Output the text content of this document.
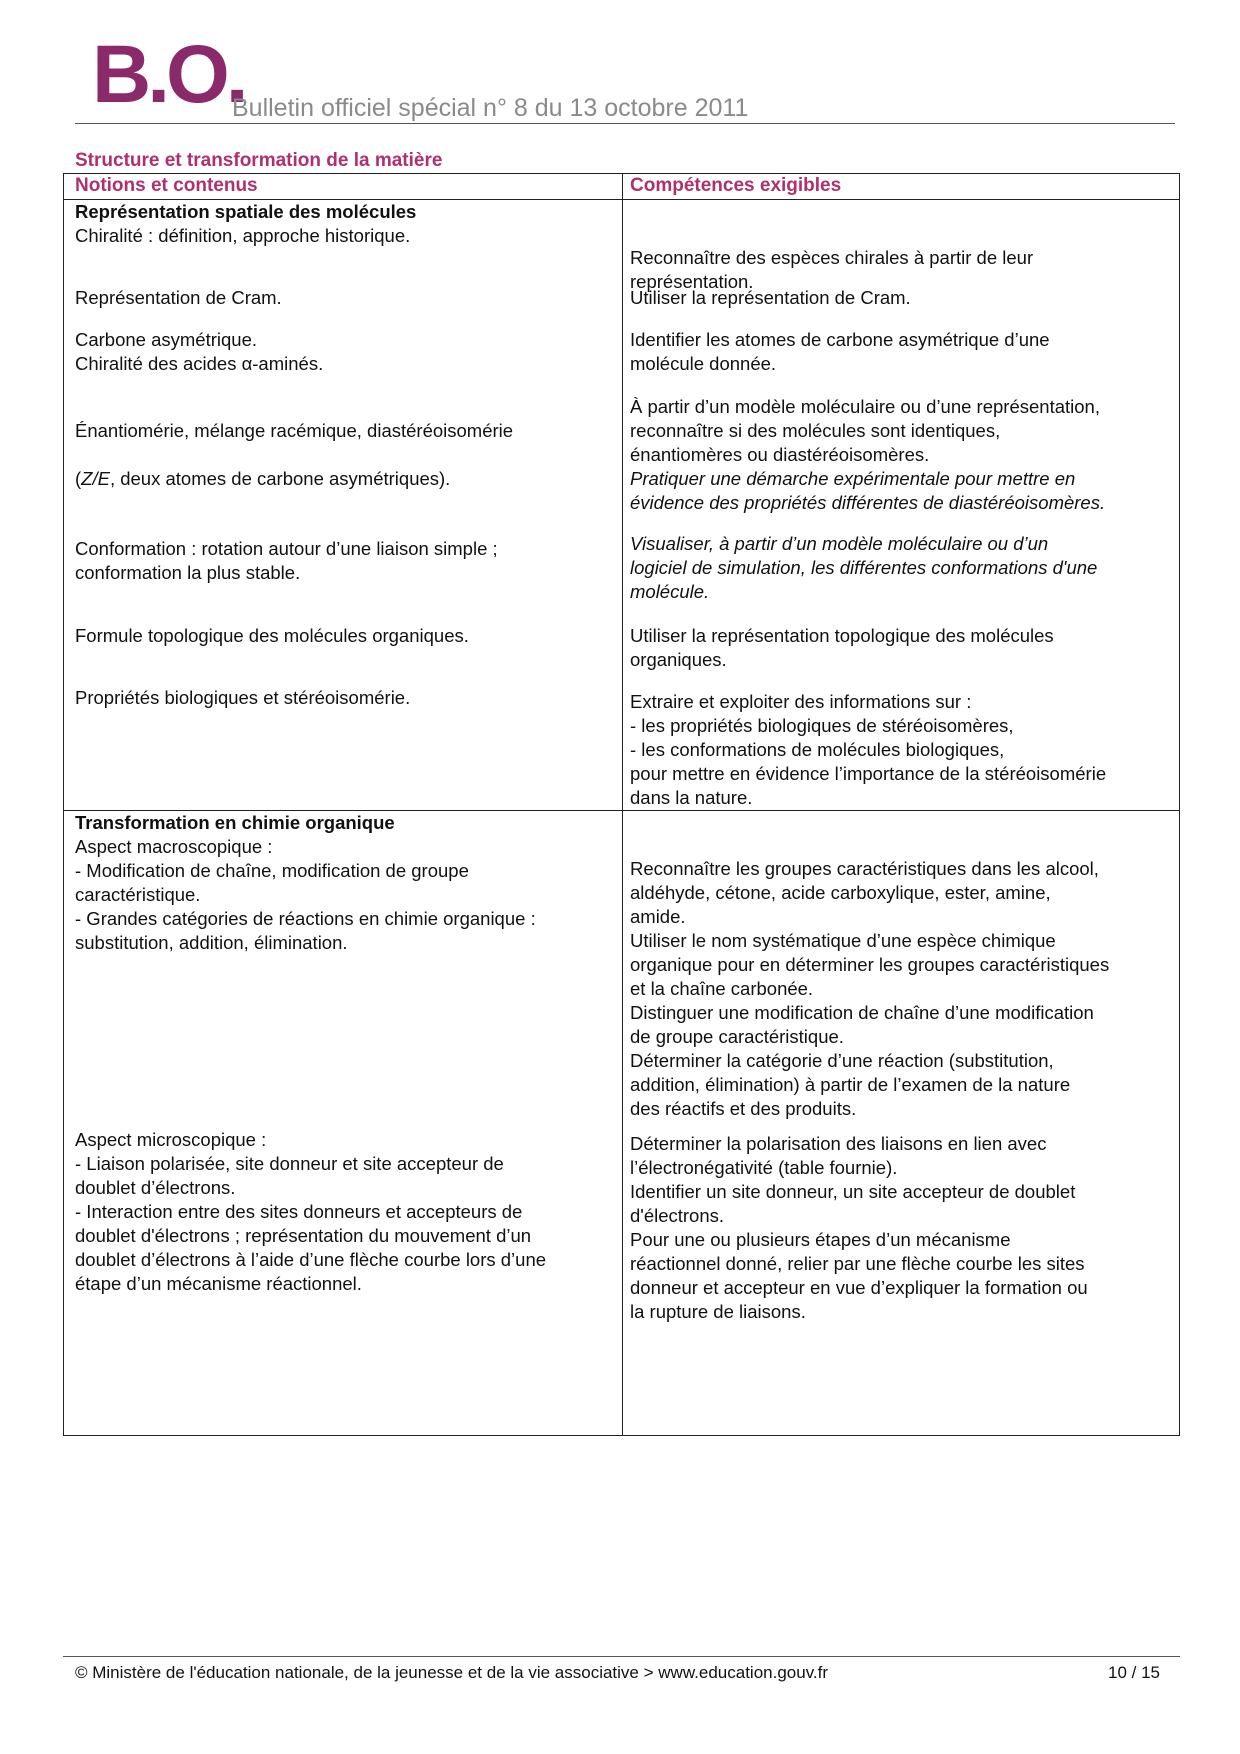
B.O.
Bulletin officiel spécial n° 8 du 13 octobre 2011
Structure et transformation de la matière
Notions et contenus	Compétences exigibles
Représentation spatiale des molécules
Chiralité : définition, approche historique.
Représentation de Cram.
Carbone asymétrique.
Chiralité des acides α-aminés.

Énantiomérie, mélange racémique, diastéréoisomérie

(Z/E, deux atomes de carbone asymétriques).

Conformation : rotation autour d’une liaison simple ;
conformation la plus stable.
Formule topologique des molécules organiques.
Propriétés biologiques et stéréoisomérie.
Reconnaître des espèces chirales à partir de leur
représentation.
Utiliser la représentation de Cram.
Identifier les atomes de carbone asymétrique d’une
molécule donnée.
À partir d’un modèle moléculaire ou d’une représentation,
reconnaître si des molécules sont identiques,
énantiomères ou diastéréoisomères.
Pratiquer une démarche expérimentale pour mettre en
évidence des propriétés différentes de diastéréoisomères.
Visualiser, à partir d’un modèle moléculaire ou d’un
logiciel de simulation, les différentes conformations d'une
molécule.
Utiliser la représentation topologique des molécules
organiques.
Extraire et exploiter des informations sur :
- les propriétés biologiques de stéréoisomères,
- les conformations de molécules biologiques,
pour mettre en évidence l’importance de la stéréoisomérie
dans la nature.
Transformation en chimie organique
Aspect macroscopique :
- Modification de chaîne, modification de groupe
caractéristique.
- Grandes catégories de réactions en chimie organique :
substitution, addition, élimination.
Aspect microscopique :
- Liaison polarisée, site donneur et site accepteur de
doublet d’électrons.
- Interaction entre des sites donneurs et accepteurs de
doublet d'électrons ; représentation du mouvement d’un
doublet d’électrons à l’aide d’une flèche courbe lors d’une
étape d’un mécanisme réactionnel.
Reconnaître les groupes caractéristiques dans les alcool,
aldéhyde, cétone, acide carboxylique, ester, amine,
amide.
Utiliser le nom systématique d’une espèce chimique
organique pour en déterminer les groupes caractéristiques
et la chaîne carbonée.
Distinguer une modification de chaîne d’une modification
de groupe caractéristique.
Déterminer la catégorie d’une réaction (substitution,
addition, élimination) à partir de l’examen de la nature
des réactifs et des produits.
Déterminer la polarisation des liaisons en lien avec
l’électronégativité (table fournie).
Identifier un site donneur, un site accepteur de doublet
d'électrons.
Pour une ou plusieurs étapes d’un mécanisme
réactionnel donné, relier par une flèche courbe les sites
donneur et accepteur en vue d’expliquer la formation ou
la rupture de liaisons.
© Ministère de l'éducation nationale, de la jeunesse et de la vie associative > www.education.gouv.fr	10 / 15
